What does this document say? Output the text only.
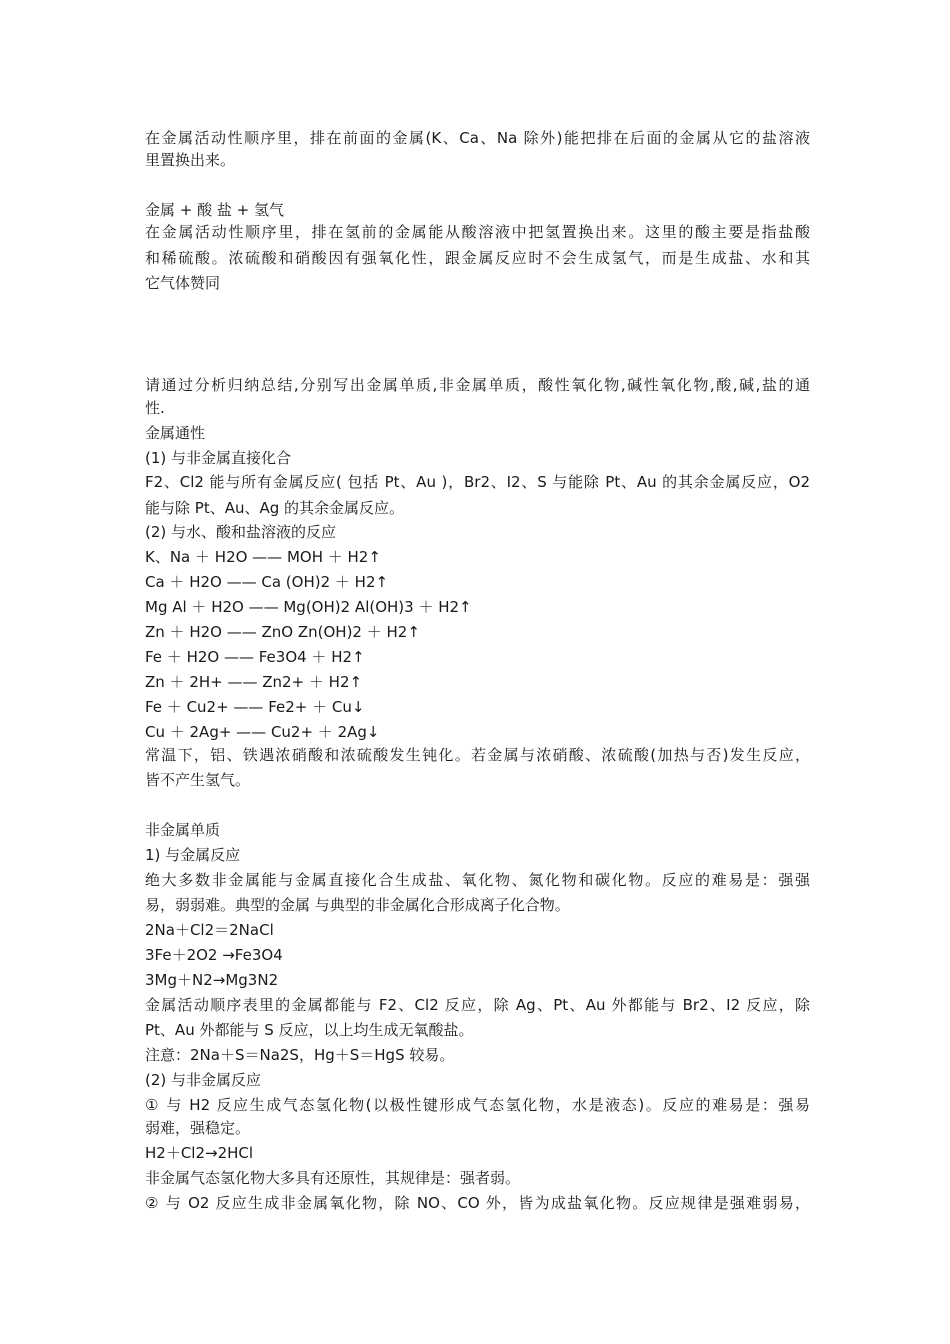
在金属活动性顺序里，排在前面的金属(K、Ca、Na 除外)能把排在后面的金属从它的盐溶液
里置换出来。
金属 + 酸 盐 + 氢气
在金属活动性顺序里，排在氢前的金属能从酸溶液中把氢置换出来。这里的酸主要是指盐酸
和稀硫酸。浓硫酸和硝酸因有强氧化性，跟金属反应时不会生成氢气，而是生成盐、水和其
它气体赞同
请通过分析归纳总结,分别写出金属单质,非金属单质，酸性氧化物,碱性氧化物,酸,碱,盐的通
性.
金属通性
(1) 与非金属直接化合
F2、Cl2 能与所有金属反应( 包括 Pt、Au )，Br2、I2、S 与能除 Pt、Au 的其余金属反应，O2
能与除 Pt、Au、Ag 的其余金属反应。
(2) 与水、酸和盐溶液的反应
K、Na ＋ H2O —— MOH ＋ H2↑
Ca ＋ H2O —— Ca (OH)2 ＋ H2↑
Mg Al ＋ H2O —— Mg(OH)2 Al(OH)3 ＋ H2↑
Zn ＋ H2O —— ZnO Zn(OH)2 ＋ H2↑
Fe ＋ H2O —— Fe3O4 ＋ H2↑
Zn ＋ 2H+ —— Zn2+ ＋ H2↑
Fe ＋ Cu2+ —— Fe2+ ＋ Cu↓
Cu ＋ 2Ag+ —— Cu2+ ＋ 2Ag↓
常温下，铝、铁遇浓硝酸和浓硫酸发生钝化。若金属与浓硝酸、浓硫酸(加热与否)发生反应，
皆不产生氢气。
非金属单质
1) 与金属反应
绝大多数非金属能与金属直接化合生成盐、氧化物、氮化物和碳化物。反应的难易是：强强
易，弱弱难。典型的金属 与典型的非金属化合形成离子化合物。
2Na＋Cl2＝2NaCl
3Fe＋2O2 →Fe3O4
3Mg＋N2→Mg3N2
金属活动顺序表里的金属都能与 F2、Cl2 反应，除 Ag、Pt、Au 外都能与 Br2、I2 反应，除
Pt、Au 外都能与 S 反应，以上均生成无氧酸盐。
注意：2Na＋S＝Na2S，Hg＋S＝HgS 较易。
(2) 与非金属反应
① 与 H2 反应生成气态氢化物(以极性键形成气态氢化物，水是液态)。反应的难易是：强易
弱难，强稳定。
H2＋Cl2→2HCl
非金属气态氢化物大多具有还原性，其规律是：强者弱。
② 与 O2 反应生成非金属氧化物，除 NO、CO 外，皆为成盐氧化物。反应规律是强难弱易，
